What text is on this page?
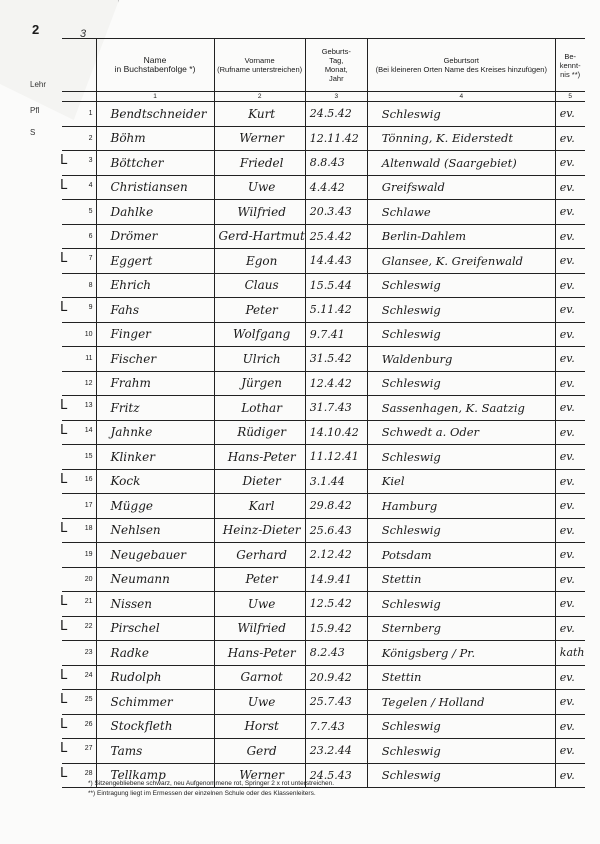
2	3
Lehr
Pfl
S
	Name
in Buchstabenfolge *)	Vorname
(Rufname unterstreichen)	Geburts-
Tag,
Monat,
Jahr	Geburtsort
(Bei kleineren Orten Name des Kreises hinzufügen)	Be-
kennt-
nis **)
	1	2	3	4	5

1	Bendtschneider	Kurt	24.5.42	Schleswig	ev.

2	Böhm	Werner	12.11.42	Tönning, K. Eiderstedt	ev.

L 3	Böttcher	Friedel	8.8.43	Altenwald (Saargebiet)	ev.

L 4	Christiansen	Uwe	4.4.42	Greifswald	ev.

5	Dahlke	Wilfried	20.3.43	Schlawe	ev.

6	Drömer	Gerd-Hartmut	25.4.42	Berlin-Dahlem	ev.

L 7	Eggert	Egon	14.4.43	Glansee, K. Greifenwald	ev.

8	Ehrich	Claus	15.5.44	Schleswig	ev.

L 9	Fahs	Peter	5.11.42	Schleswig	ev.

10	Finger	Wolfgang	9.7.41	Schleswig	ev.

11	Fischer	Ulrich	31.5.42	Waldenburg	ev.

12	Frahm	Jürgen	12.4.42	Schleswig	ev.

L 13	Fritz	Lothar	31.7.43	Sassenhagen, K. Saatzig	ev.

L 14	Jahnke	Rüdiger	14.10.42	Schwedt a. Oder	ev.

15	Klinker	Hans-Peter	11.12.41	Schleswig	ev.

L 16	Kock	Dieter	3.1.44	Kiel	ev.

17	Mügge	Karl	29.8.42	Hamburg	ev.

L 18	Nehlsen	Heinz-Dieter	25.6.43	Schleswig	ev.

19	Neugebauer	Gerhard	2.12.42	Potsdam	ev.

20	Neumann	Peter	14.9.41	Stettin	ev.

L 21	Nissen	Uwe	12.5.42	Schleswig	ev.

L 22	Pirschel	Wilfried	15.9.42	Sternberg	ev.

23	Radke	Hans-Peter	8.2.43	Königsberg / Pr.	kath

L 24	Rudolph	Garnot	20.9.42	Stettin	ev.

L 25	Schimmer	Uwe	25.7.43	Tegelen / Holland	ev.

L 26	Stockfleth	Horst	7.7.43	Schleswig	ev.

L 27	Tams	Gerd	23.2.44	Schleswig	ev.

L 28	Tellkamp	Werner	24.5.43	Schleswig	ev.
*) Sitzengebliebene schwarz, neu Aufgenommene rot, Springer 2 x rot unterstreichen.
**) Eintragung liegt im Ermessen der einzelnen Schule oder des Klassenleiters.
